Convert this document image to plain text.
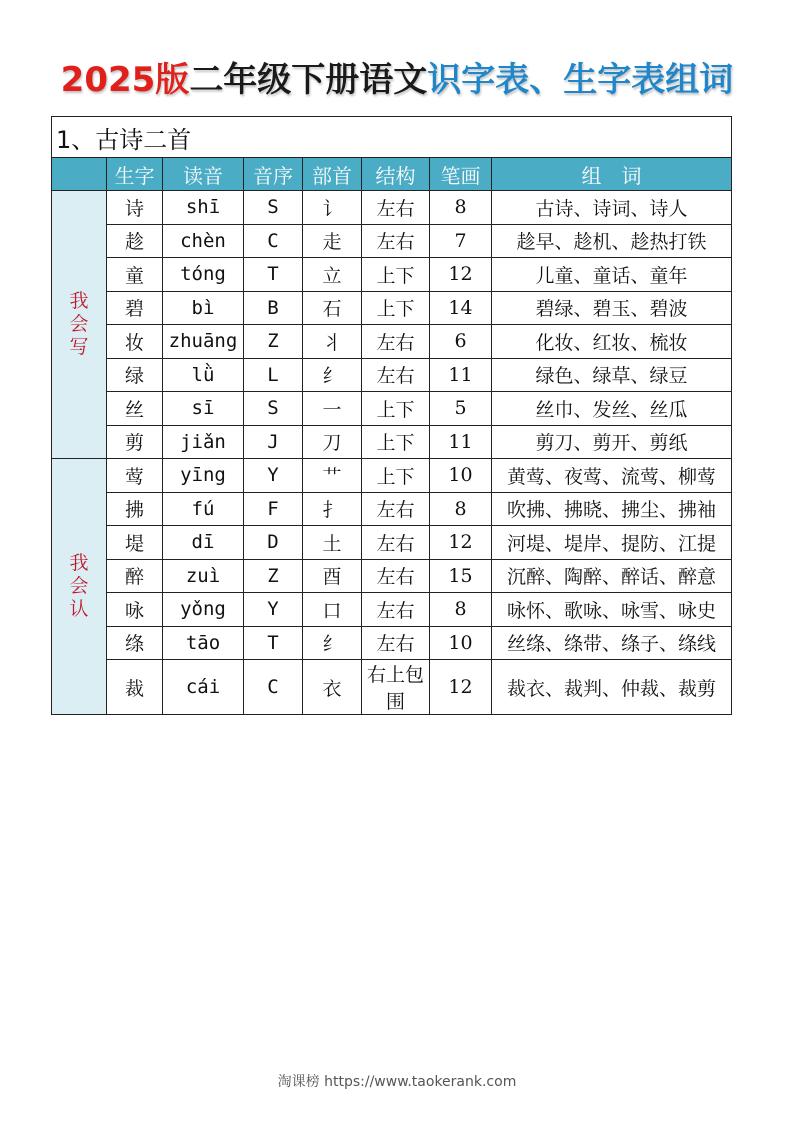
2025版二年级下册语文识字表、生字表组词
1、古诗二首							
	生字	读音	音序	部首	结构	笔画	组　词

我
会
写	诗	shī	S	讠	左右	8	古诗、诗词、诗人
	趁	chèn	C	走	左右	7	趁早、趁机、趁热打铁
	童	tóng	T	立	上下	12	儿童、童话、童年
	碧	bì	B	石	上下	14	碧绿、碧玉、碧波
	妆	zhuāng	Z	丬	左右	6	化妆、红妆、梳妆
	绿	lǜ	L	纟	左右	11	绿色、绿草、绿豆
	丝	sī	S	一	上下	5	丝巾、发丝、丝瓜
	剪	jiǎn	J	刀	上下	11	剪刀、剪开、剪纸

我
会
认	莺	yīng	Y	艹	上下	10	黄莺、夜莺、流莺、柳莺
	拂	fú	F	扌	左右	8	吹拂、拂晓、拂尘、拂袖
	堤	dī	D	土	左右	12	河堤、堤岸、提防、江提
	醉	zuì	Z	酉	左右	15	沉醉、陶醉、醉话、醉意
	咏	yǒng	Y	口	左右	8	咏怀、歌咏、咏雪、咏史
	绦	tāo	T	纟	左右	10	丝绦、绦带、绦子、绦线
	裁	cái	C	衣	右上包围	12	裁衣、裁判、仲裁、裁剪
淘课榜 https://www.taokerank.com
